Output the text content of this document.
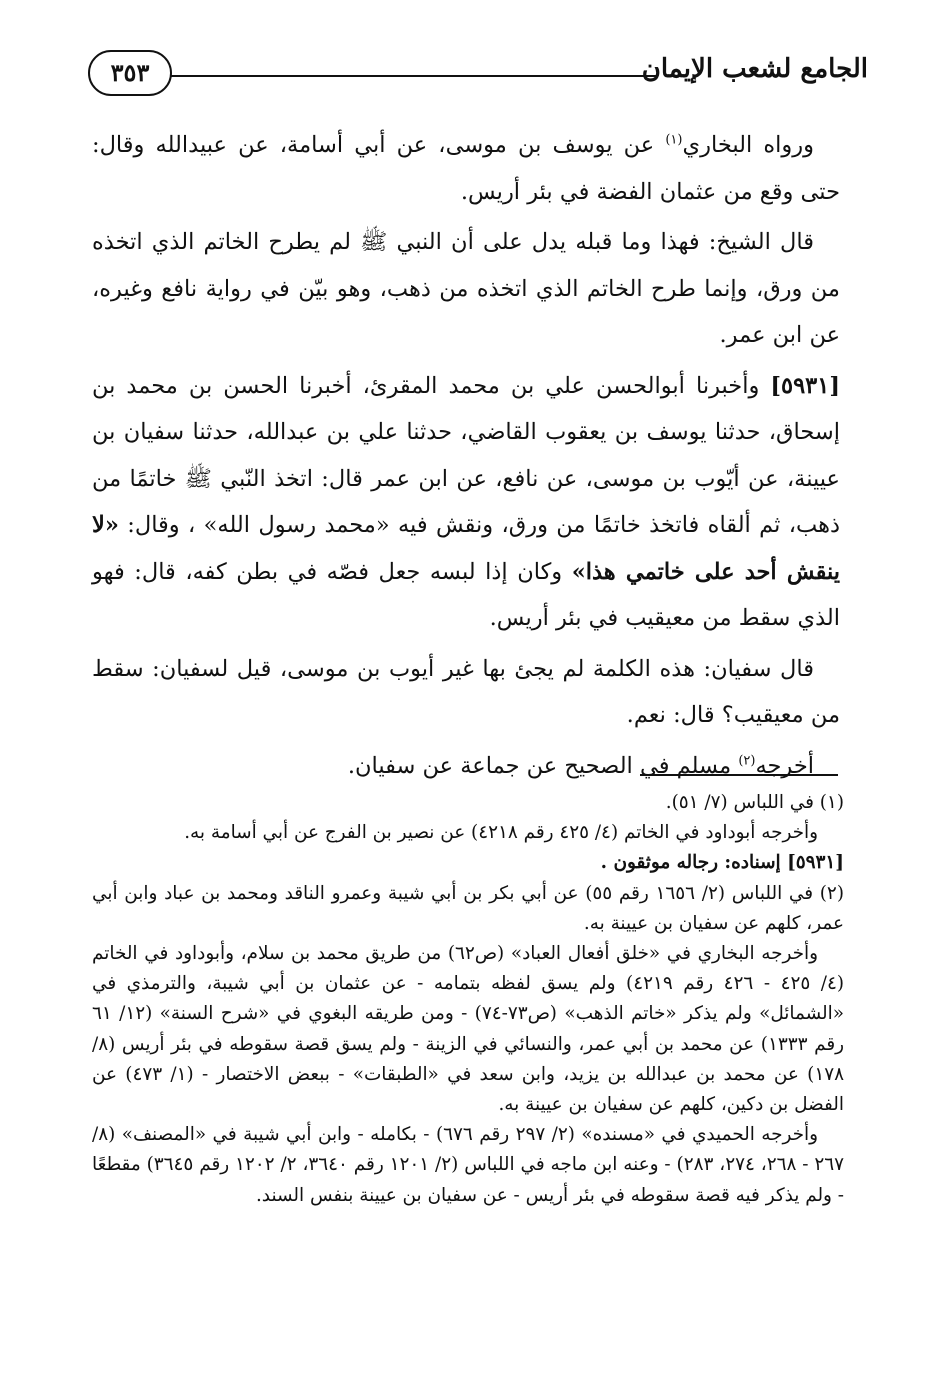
الجامع لشعب الإيمان
٣٥٣

ورواه البخاري$^{(١)}$ عن يوسف بن موسى، عن أبي أسامة، عن عبيدالله وقال: حتى وقع من عثمان الفضة في بئر أريس.

قال الشيخ: فهذا وما قبله يدل على أن النبي ﷺ لم يطرح الخاتم الذي اتخذه من ورق، وإنما طرح الخاتم الذي اتخذه من ذهب، وهو بيّن في رواية نافع وغيره، عن ابن عمر.

[٥٩٣١] وأخبرنا أبوالحسن علي بن محمد المقرئ، أخبرنا الحسن بن محمد بن إسحاق، حدثنا يوسف بن يعقوب القاضي، حدثنا علي بن عبدالله، حدثنا سفيان بن عيينة، عن أيّوب بن موسى، عن نافع، عن ابن عمر قال: اتخذ النّبي ﷺ خاتمًا من ذهب، ثم ألقاه فاتخذ خاتمًا من ورق، ونقش فيه «محمد رسول الله» ، وقال: «لا ينقش أحد على خاتمي هذا» وكان إذا لبسه جعل فصّه في بطن كفه، قال: فهو الذي سقط من معيقيب في بئر أريس.

قال سفيان: هذه الكلمة لم يجئ بها غير أيوب بن موسى، قيل لسفيان: سقط من معيقيب؟ قال: نعم.

أخرجه$^{(٢)}$ مسلم في الصحيح عن جماعة عن سفيان.

(١) في اللباس (٧/ ٥١).

وأخرجه أبوداود في الخاتم (٤/ ٤٢٥ رقم ٤٢١٨) عن نصير بن الفرج عن أبي أسامة به.

[٥٩٣١] إسناده: رجاله موثقون .

(٢) في اللباس (٢/ ١٦٥٦ رقم ٥٥) عن أبي بكر بن أبي شيبة وعمرو الناقد ومحمد بن عباد وابن أبي عمر، كلهم عن سفيان بن عيينة به.

وأخرجه البخاري في «خلق أفعال العباد» (ص٦٢) من طريق محمد بن سلام، وأبوداود في الخاتم (٤/ ٤٢٥ - ٤٢٦ رقم ٤٢١٩) ولم يسق لفظه بتمامه - عن عثمان بن أبي شيبة، والترمذي في «الشمائل» ولم يذكر «خاتم الذهب» (ص٧٣-٧٤) - ومن طريقه البغوي في «شرح السنة» (١٢/ ٦١ رقم ١٣٣٣) عن محمد بن أبي عمر، والنسائي في الزينة - ولم يسق قصة سقوطه في بئر أريس (٨/ ١٧٨) عن محمد بن عبدالله بن يزيد، وابن سعد في «الطبقات» - ببعض الاختصار - (١/ ٤٧٣) عن الفضل بن دكين، كلهم عن سفيان بن عيينة به.

وأخرجه الحميدي في «مسنده» (٢/ ٢٩٧ رقم ٦٧٦) - بكامله - وابن أبي شيبة في «المصنف» (٨/ ٢٦٧ - ٢٦٨، ٢٧٤، ٢٨٣) - وعنه ابن ماجه في اللباس (٢/ ١٢٠١ رقم ٣٦٤٠، ٢/ ١٢٠٢ رقم ٣٦٤٥) مقطعًا - ولم يذكر فيه قصة سقوطه في بئر أريس - عن سفيان بن عيينة بنفس السند.
